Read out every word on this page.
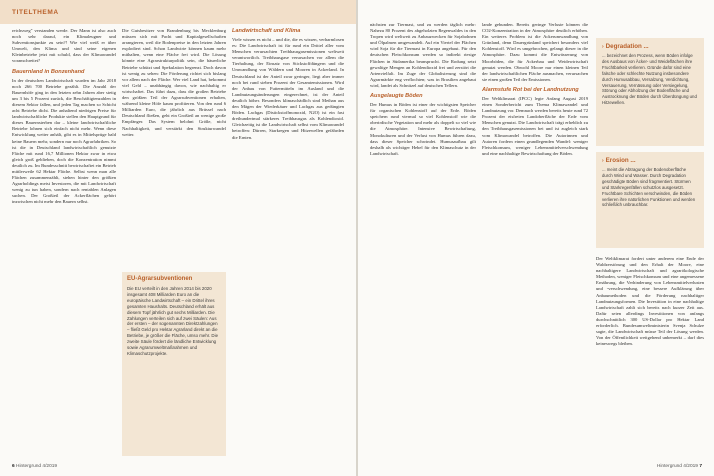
TITELTHEMA

reichsweg" verstanden werde. Der Mann ist also auch noch sehr darauf, ein Klimaleugner und Subventionsjunkie zu sein?! Wie viel weiß er über Umwelt, den Klima und sind seine eigenen Kleinbetriebe jetzt mit schuld, dass der Klimawandel voranschreitet?

Bauernland in Bonzenhand

In der deutschen Landwirtschaft wurden im Jahr 2018 noch 266 700 Betriebe gezählt. Die Anzahl der Bauernhöfe ging in den letzten zehn Jahren aber stetig um 3 bis 5 Prozent zurück, die Beschäftigtenzahlen in diesem Sektor fallen, und jeden Tag machen so Schicht acht Betriebe dicht. Die anhaltend niedrigen Preise für landwirtschaftliche Produkte stellen den Hauptgrund für dieses Bauernsterben dar – kleine landwirtschaftliche Betriebe lohnen sich einfach nicht mehr. Wenn diese Entwicklung weiter anhält, gibt es in Mittelsprüge bald keine Bauern mehr, sondern nur noch Agrarfabriken. So ist die in Deutschland landwirtschaftlich genutzte Fläche mit rund 16,7 Millionen Hektar zwar in etwa gleich groß geblieben, doch die Konzentration nimmt deutlich zu. Im Bundesschnitt bewirtschaftet ein Betrieb mittlerweile 62 Hektar Fläche. Selbst wenn man alle Flächen zusammenzählt, stehen hinter den größten Agrarholdings meist Investoren, die mit Landwirtschaft wenig zu tun haben, sondern nach rentablen Anlagen suchen. Der Großteil der Ackerflächen gehört inzwischen nicht mehr den Bauern selbst.

Die Gutsbesitzer von Brandenburg bis Mecklenburg müssen sich mit Pacht und Kapitalgesellschaften arrangieren, weil die Bodenpreise in den letzten Jahren explodiert sind. Schon Landwirte können kaum mehr mithalten, wenn eine Fläche frei wird. Die Lösung könnte eine Agrarstrukturpolitik sein, die bäuerliche Betriebe schützt und Spekulation begrenzt. Doch davon ist wenig zu sehen: Die Förderung richtet sich bislang vor allem nach der Fläche. Wer viel Land hat, bekommt viel Geld – unabhängig davon, wie nachhaltig er wirtschaftet. Das führt dazu, dass die großen Betriebe den größten Teil der Agrarsubventionen erhalten, während kleine Höfe kaum profitieren. Von den rund 6 Milliarden Euro, die jährlich aus Brüssel nach Deutschland fließen, geht ein Großteil an wenige große Empfänger. Das System belohnt Größe, nicht Nachhaltigkeit, und verstärkt den Strukturwandel weiter.

EU-Agrarsubventionen
Die EU verteilt in den Jahren 2014 bis 2020 insgesamt 408 Milliarden Euro an die europäische Landwirtschaft – ein Drittel ihres gesamten Haushalts. Deutschland erhält aus diesem Topf jährlich gut sechs Milliarden. Die Zahlungen verteilen sich auf zwei Säulen: Aus der ersten – der sogenannten Direktzahlungen – fließt Geld pro Hektar Agrarland direkt an die Betriebe, je größer die Fläche, umso mehr. Die zweite Säule fördert die ländliche Entwicklung sowie Agrarumweltmaßnahmen und Klimaschutzprojekte.
Landwirtschaft und Klima

Viele wissen es nicht – und die, die es wissen, verharmlosen es: Die Landwirtschaft ist für rund ein Drittel aller vom Menschen verursachten Treibhausgasemissionen weltweit verantwortlich. Treibhausgase verursachen vor allem die Tierhaltung, der Einsatz von Stickstoffdüngern und die Umwandlung von Wäldern und Mooren in Ackerland. In Deutschland ist der Anteil zwar geringer, liegt aber immer noch bei rund sieben Prozent der Gesamtemissionen. Wird der Anbau von Futtermitteln im Ausland und die Landnutzungsänderungen eingerechnet, ist der Anteil deutlich höher. Besonders klimaschädlich sind Methan aus den Mägen der Wiederkäuer und Lachgas aus gedüngten Böden. Lachgas (Distickstoffmonoxid, N2O) ist ein fast dreihundertmal stärkeres Treibhausgas als Kohlendioxid. Gleichzeitig ist die Landwirtschaft selbst vom Klimawandel betroffen: Dürren, Starkregen und Hitzewellen gefährden die Ernten.

6 Hintergrund 4/2019

nächsten zur Tiermast, und zu werden täglich mehr: Nahezu 80 Prozent des abgeholzten Regenwaldes in den Tropen wird weltweit zu Anbauzwecken für Sojabohnen und Ölpalmen umgewandelt. Auf ein Viertel der Flächen wird Soja für die Tiermast in Europa angebaut. Für den deutschen Fleischkonsum werden so indirekt riesige Flächen in Südamerika beansprucht. Die Rodung setzt gewaltige Mengen an Kohlendioxid frei und zerstört die Artenvielfalt. Im Zuge der Globalisierung sind die Agrarmärkte eng verflochten; was in Brasilien angebaut wird, landet als Schnitzel auf deutschen Tellern.

Ausgelaugte Böden

Der Humus in Böden ist einer der wichtigsten Speicher für organischen Kohlenstoff auf der Erde. Böden speichern rund viermal so viel Kohlenstoff wie die oberirdische Vegetation und mehr als doppelt so viel wie die Atmosphäre. Intensive Bewirtschaftung, Monokulturen und der Verlust von Humus führen dazu, dass dieser Speicher schwindet. Humusaufbau gilt deshalb als wichtiger Hebel für den Klimaschutz in der Landwirtschaft.

lande gebunden. Bereits geringe Verluste können die CO2-Konzentration in der Atmosphäre deutlich erhöhen. Ein weiteres Problem ist die Ackerumwandlung von Grünland, denn Dauergrünland speichert besonders viel Kohlenstoff. Wird es umgebrochen, gelangt dieser in die Atmosphäre. Dazu kommt die Entwässerung von Moorböden, die für Ackerbau und Weidewirtschaft genutzt werden. Obwohl Moore nur einen kleinen Teil der landwirtschaftlichen Fläche ausmachen, verursachen sie einen großen Teil der Emissionen.

Alarmstufe Rot bei der Landnutzung

Der Weltklimarat (IPCC) legte Anfang August 2019 einen Sonderbericht zum Thema Klimawandel und Landnutzung vor. Demnach werden bereits heute rund 72 Prozent der eisfreien Landoberfläche der Erde vom Menschen genutzt. Die Landwirtschaft trägt erheblich zu den Treibhausgasemissionen bei und ist zugleich stark vom Klimawandel betroffen. Die Autorinnen und Autoren fordern einen grundlegenden Wandel: weniger Fleischkonsum, weniger Lebensmittelverschwendung und eine nachhaltige Bewirtschaftung der Böden.

› Degradation ...
... bezeichnet den Prozess, wenn Böden infolge des Ausbaus von Äcker- und Weideflächen ihre Fruchtbarkeit verlieren. Gründe dafür sind eine falsche oder schlechte Nutzung insbesondere durch Humusabbau, Versalzung, Verdichtung, Versauerung, Vernässung oder Versiegelung, Störung oder Abholzung der Bodenfläche und Austrocknung der Böden durch Überdüngung und Hitzewellen.
› Erosion ...
... meint die Abtragung der Bodenoberfläche durch Wind und Wasser. Durch Degradation geschädigte Böden sind fragmentiert. Stürmen und Starkregenfällen schutzlos ausgesetzt. Fruchtbare Schichten verschwinden, die Böden verlieren ihre natürlichen Funktionen und werden schließlich unbrauchbar.

Der Weltklimarat fordert unter anderem eine Ende der Waldzerstörung und den Erhalt der Moore, eine nachhaltigere Landwirtschaft und agrarökologische Methoden, weniger Fleischkonsum und eine angemessene Ernährung, die Verhinderung von Lebensmittelverlusten und -verschwendung, eine bessere Aufklärung über Anbaumethoden und die Förderung nachhaltiger Landnutzungsformen. Die Investition in eine nachhaltige Landwirtschaft zahlt sich bereits nach kurzer Zeit aus. Dafür seien allerdings Investitionen von anfangs durchschnittlich 300 US-Dollar pro Hektar Land erforderlich. Bundesumweltministerin Svenja Schulze sagte, die Landwirtschaft müsse Teil der Lösung werden. Von der Öffentlichkeit weitgehend unbemerkt – darf dies keineswegs bleiben.

Hintergrund 4/2019 7
